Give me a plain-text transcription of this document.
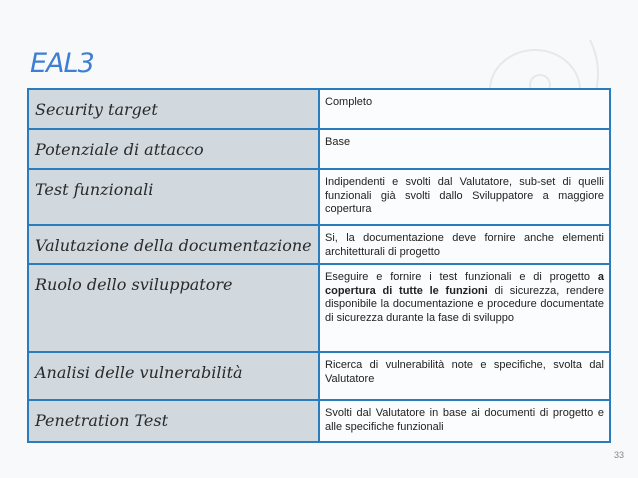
EAL3
Security target	Completo
Potenziale di attacco	Base
Test funzionali	Indipendenti e svolti dal Valutatore, sub-set di quelli funzionali già svolti dallo Sviluppatore a maggiore copertura
Valutazione della documentazione	Si, la documentazione deve fornire anche elementi architetturali di progetto
Ruolo dello sviluppatore	Eseguire e fornire i test funzionali e di progetto a copertura di tutte le funzioni di sicurezza, rendere disponibile la documentazione e procedure documentate di sicurezza durante la fase di sviluppo
Analisi delle vulnerabilità	Ricerca di vulnerabilità note e specifiche, svolta dal Valutatore
Penetration Test	Svolti dal Valutatore in base ai documenti di progetto e alle specifiche funzionali
33
